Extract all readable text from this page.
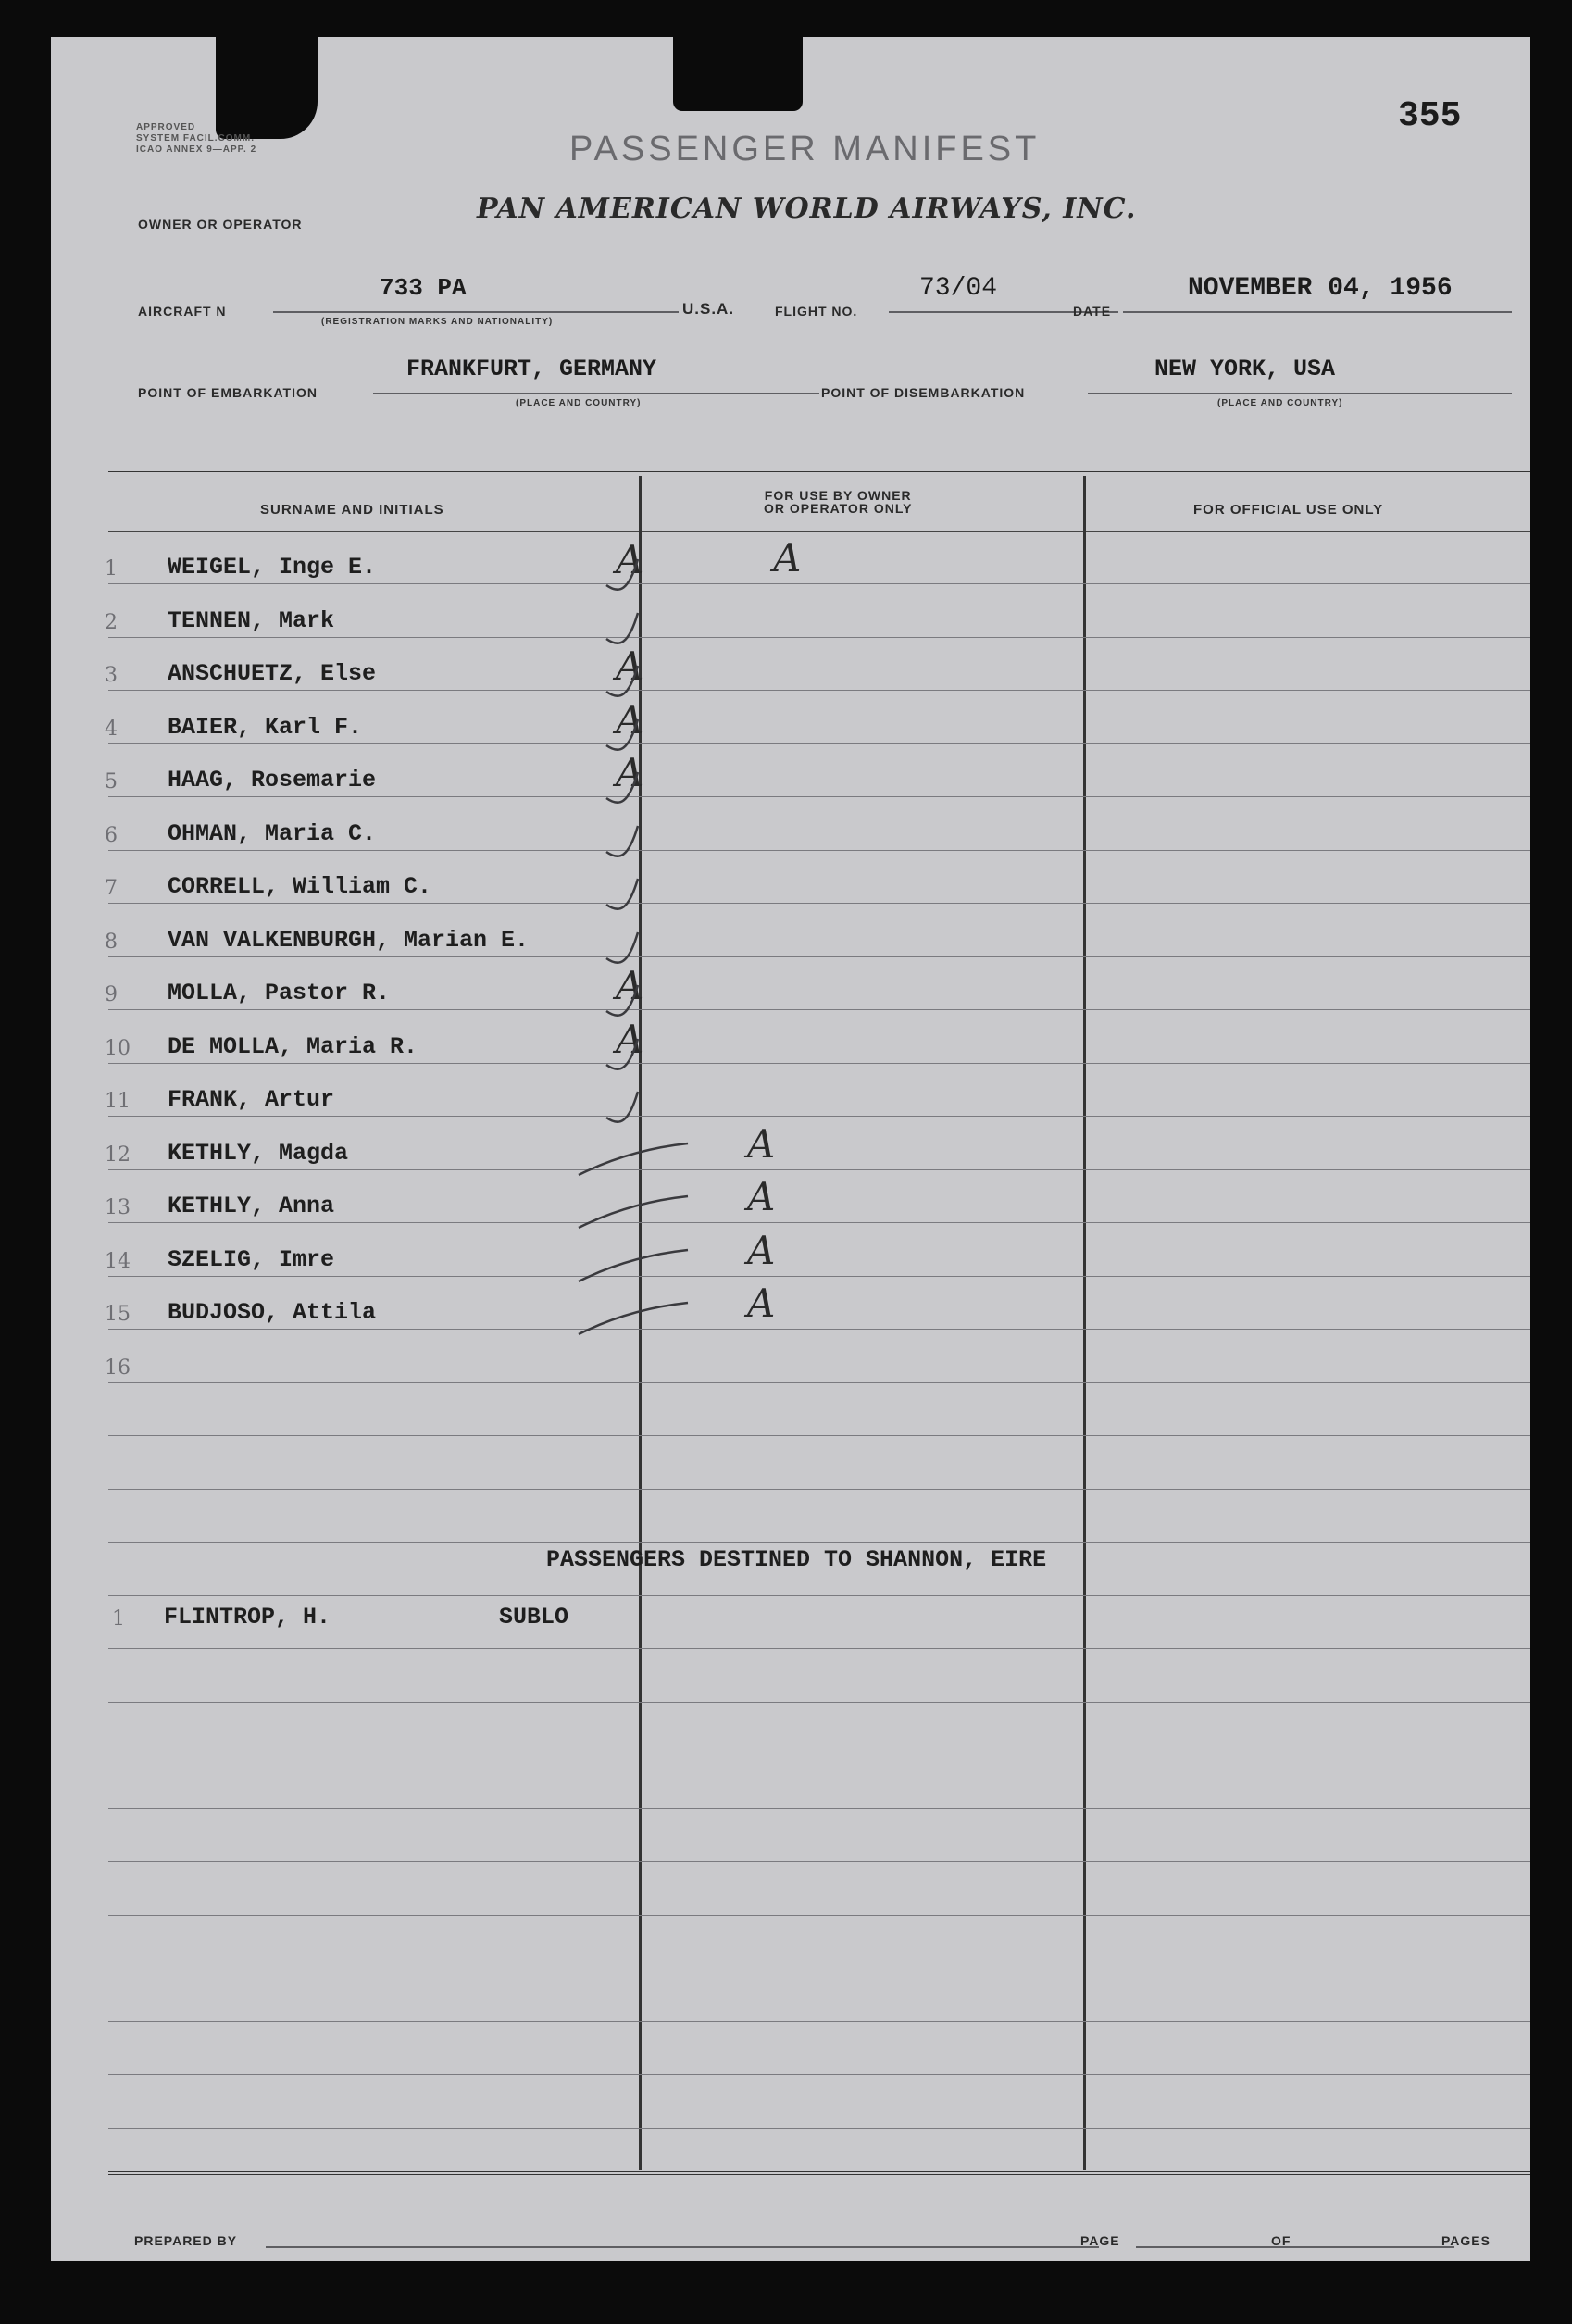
355
APPROVED
SYSTEM FACIL.COMM.
ICAO ANNEX 9—APP. 2	PASSENGER MANIFEST
OWNER OR OPERATOR	PAN AMERICAN WORLD AIRWAYS, INC.
AIRCRAFT N
733 PA
(REGISTRATION MARKS AND NATIONALITY)
U.S.A.	FLIGHT NO.
73/04
DATE
NOVEMBER 04, 1956
POINT OF EMBARKATION
FRANKFURT, GERMANY
(PLACE AND COUNTRY)
POINT OF DISEMBARKATION
NEW YORK, USA
(PLACE AND COUNTRY)
SURNAME AND INITIALS
FOR USE BY OWNER
OR OPERATOR ONLY	FOR OFFICIAL USE ONLY
1 WEIGEL, Inge E.	A	A
2 TENNEN, Mark
3 ANSCHUETZ, Else	A
4 BAIER, Karl F.	A
5 HAAG, Rosemarie	A
6 OHMAN, Maria C.
7 CORRELL, William C.
8 VAN VALKENBURGH, Marian E.
9 MOLLA, Pastor R.	A
10 DE MOLLA, Maria R.	A
11 FRANK, Artur
12 KETHLY, Magda	A
13 KETHLY, Anna	A
14 SZELIG, Imre	A
15 BUDJOSO, Attila	A
16
PASSENGERS DESTINED TO SHANNON, EIRE
1 FLINTROP, H.	SUBLO
PREPARED BY	PAGE	OF	PAGES
